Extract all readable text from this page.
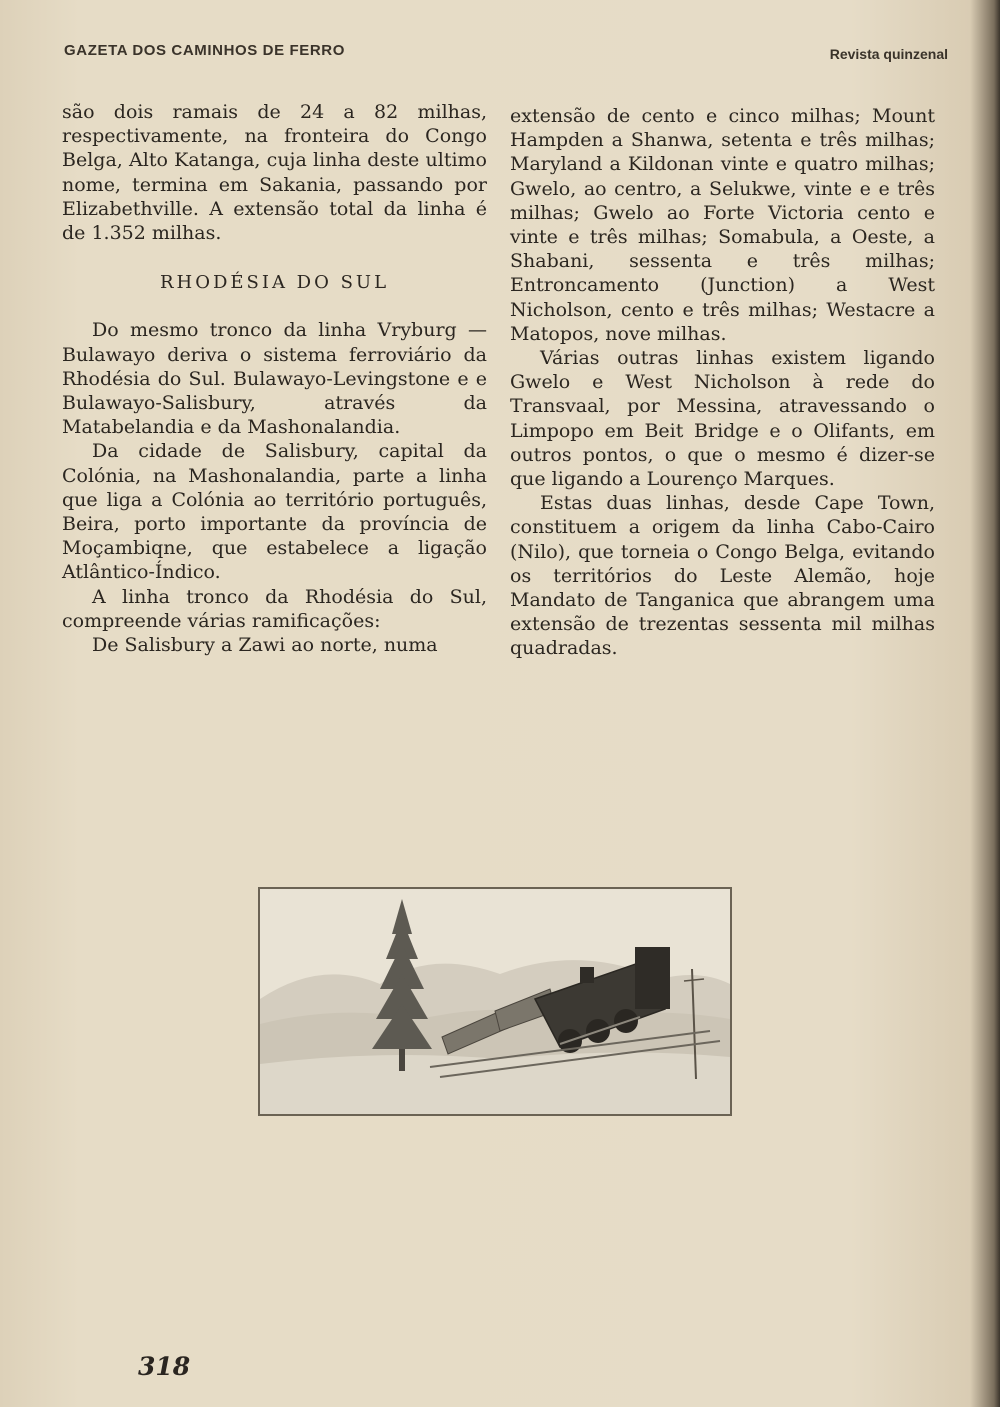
GAZETA DOS CAMINHOS DE FERRO	Revista quinzenal

são dois ramais de 24 a 82 milhas, respectivamente, na fronteira do Congo Belga, Alto Katanga, cuja linha deste ultimo nome, termina em Sakania, passando por Elizabethville. A extensão total da linha é de 1.352 milhas.

RHODÉSIA DO SUL

Do mesmo tronco da linha Vryburg — Bulawayo deriva o sistema ferroviário da Rhodésia do Sul. Bulawayo-Levingstone e e Bulawayo-Salisbury, através da Matabelandia e da Mashonalandia.

Da cidade de Salisbury, capital da Colónia, na Mashonalandia, parte a linha que liga a Colónia ao território português, Beira, porto importante da província de Moçambiqne, que estabelece a ligação Atlântico-Índico.

A linha tronco da Rhodésia do Sul, compreende várias ramificações:

De Salisbury a Zawi ao norte, numa

extensão de cento e cinco milhas; Mount Hampden a Shanwa, setenta e três milhas; Maryland a Kildonan vinte e quatro milhas; Gwelo, ao centro, a Selukwe, vinte e e três milhas; Gwelo ao Forte Victoria cento e vinte e três milhas; Somabula, a Oeste, a Shabani, sessenta e três milhas; Entroncamento (Junction) a West Nicholson, cento e três milhas; Westacre a Matopos, nove milhas.

Várias outras linhas existem ligando Gwelo e West Nicholson à rede do Transvaal, por Messina, atravessando o Limpopo em Beit Bridge e o Olifants, em outros pontos, o que o mesmo é dizer-se que ligando a Lourenço Marques.

Estas duas linhas, desde Cape Town, constituem a origem da linha Cabo-Cairo (Nilo), que torneia o Congo Belga, evitando os territórios do Leste Alemão, hoje Mandato de Tanganica que abrangem uma extensão de trezentas sessenta mil milhas quadradas.

318
